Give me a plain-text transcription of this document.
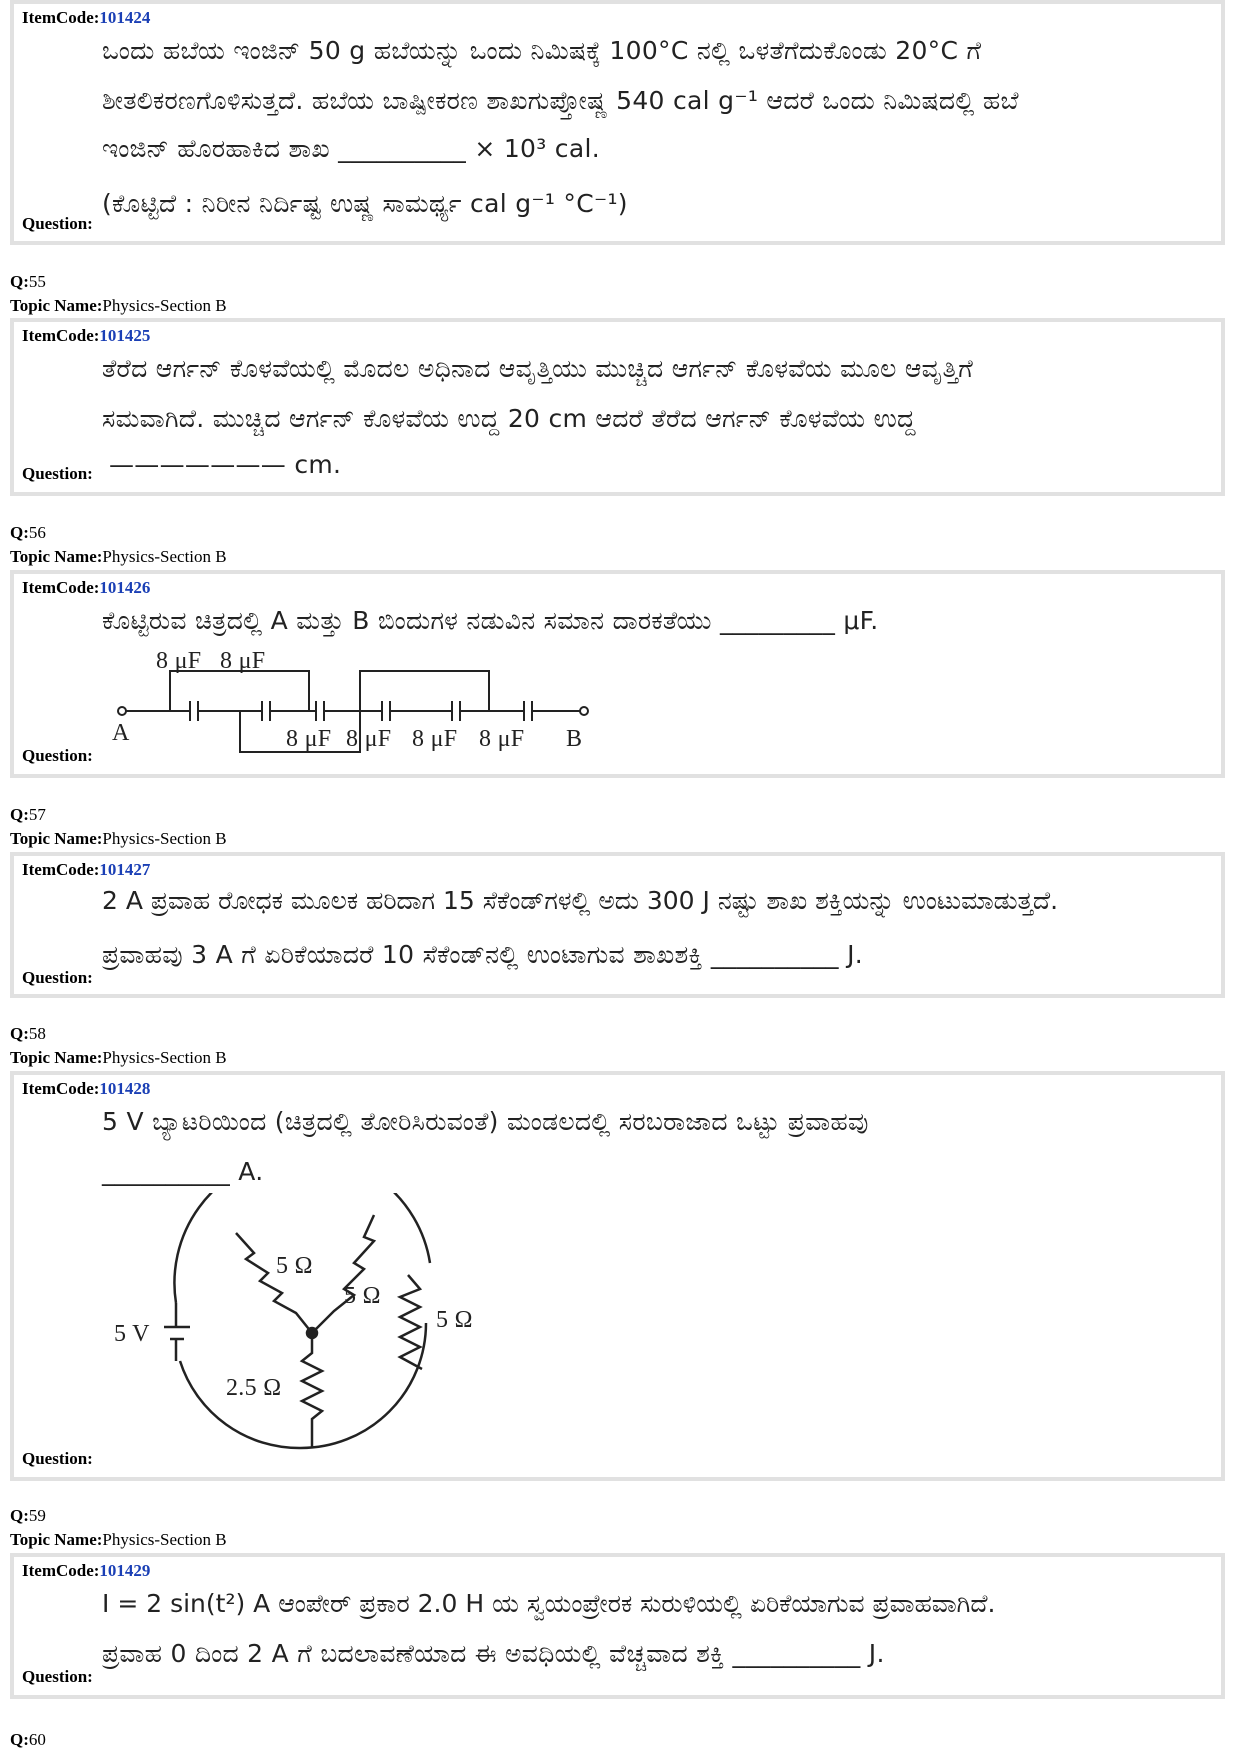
ItemCode:101424
ಒಂದು ಹಬೆಯ ಇಂಜಿನ್ 50 g ಹಬೆಯನ್ನು ಒಂದು ನಿಮಿಷಕ್ಕೆ 100°C ನಲ್ಲಿ ಒಳತೆಗೆದುಕೊಂಡು 20°C ಗೆ
ಶೀತಲಿಕರಣಗೊಳಿಸುತ್ತದೆ. ಹಬೆಯ ಬಾಷ್ಪೀಕರಣ ಶಾಖಗುಪ್ತೋಷ್ಣ 540 cal g⁻¹ ಆದರೆ ಒಂದು ನಿಮಿಷದಲ್ಲಿ ಹಬೆ
ಇಂಜಿನ್ ಹೊರಹಾಕಿದ ಶಾಖ __________ × 10³ cal.
(ಕೊಟ್ಟಿದೆ : ನಿರೀನ ನಿರ್ದಿಷ್ಟ ಉಷ್ಣ ಸಾಮರ್ಥ್ಯ cal g⁻¹ °C⁻¹)
Question:
Q:55
Topic Name:Physics-Section B
ItemCode:101425
ತೆರೆದ ಆರ್ಗನ್ ಕೊಳವೆಯಲ್ಲಿ ಮೊದಲ ಅಧಿನಾದ ಆವೃತ್ತಿಯು ಮುಚ್ಚಿದ ಆರ್ಗನ್ ಕೊಳವೆಯ ಮೂಲ ಆವೃತ್ತಿಗೆ
ಸಮವಾಗಿದೆ. ಮುಚ್ಚಿದ ಆರ್ಗನ್ ಕೊಳವೆಯ ಉದ್ದ 20 cm ಆದರೆ ತೆರೆದ ಆರ್ಗನ್ ಕೊಳವೆಯ ಉದ್ದ
——————— cm.
Question:
Q:56
Topic Name:Physics-Section B
ItemCode:101426
ಕೊಟ್ಟಿರುವ ಚಿತ್ರದಲ್ಲಿ A ಮತ್ತು B ಬಿಂದುಗಳ ನಡುವಿನ ಸಮಾನ ದಾರಕತೆಯು _________ μF.
8 μF 8 μF
8 μF 8 μF 8 μF 8 μF
A	B
Question:
Q:57
Topic Name:Physics-Section B
ItemCode:101427
2 A ಪ್ರವಾಹ ರೋಧಕ ಮೂಲಕ ಹರಿದಾಗ 15 ಸೆಕೆಂಡ್‌ಗಳಲ್ಲಿ ಅದು 300 J ನಷ್ಟು ಶಾಖ ಶಕ್ತಿಯನ್ನು ಉಂಟುಮಾಡುತ್ತದೆ.
ಪ್ರವಾಹವು 3 A ಗೆ ಏರಿಕೆಯಾದರೆ 10 ಸೆಕೆಂಡ್‌ನಲ್ಲಿ ಉಂಟಾಗುವ ಶಾಖಶಕ್ತಿ __________ J.
Question:
Q:58
Topic Name:Physics-Section B
ItemCode:101428
5 V ಬ್ಯಾಟರಿಯಿಂದ (ಚಿತ್ರದಲ್ಲಿ ತೋರಿಸಿರುವಂತೆ) ಮಂಡಲದಲ್ಲಿ ಸರಬರಾಜಾದ ಒಟ್ಟು ಪ್ರವಾಹವು
__________ A.
5 Ω
5 Ω
5 Ω
2.5 Ω
5 V
Question:
Q:59
Topic Name:Physics-Section B
ItemCode:101429
I = 2 sin(t²) A ಆಂಪೇರ್ ಪ್ರಕಾರ 2.0 H ಯ ಸ್ವಯಂಪ್ರೇರಕ ಸುರುಳಿಯಲ್ಲಿ ಏರಿಕೆಯಾಗುವ ಪ್ರವಾಹವಾಗಿದೆ.
ಪ್ರವಾಹ 0 ದಿಂದ 2 A ಗೆ ಬದಲಾವಣೆಯಾದ ಈ ಅವಧಿಯಲ್ಲಿ ವೆಚ್ಚವಾದ ಶಕ್ತಿ __________ J.
Question:
Q:60
